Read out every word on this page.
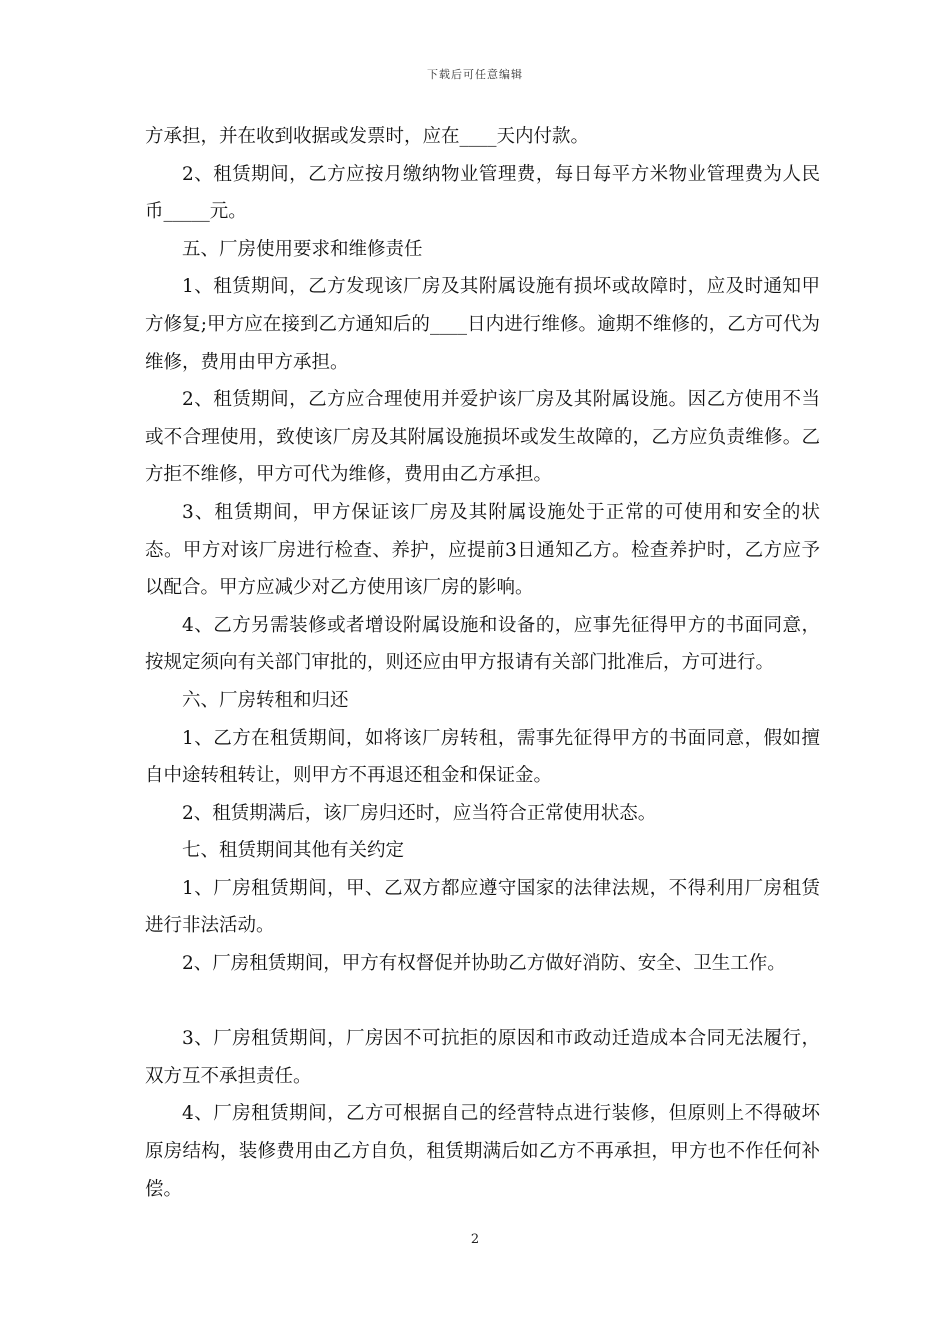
下载后可任意编辑

方承担，并在收到收据或发票时，应在____天内付款。

2、租赁期间，乙方应按月缴纳物业管理费，每日每平方米物业管理费为人民币_____元。

五、厂房使用要求和维修责任

1、租赁期间，乙方发现该厂房及其附属设施有损坏或故障时，应及时通知甲方修复;甲方应在接到乙方通知后的____日内进行维修。逾期不维修的，乙方可代为维修，费用由甲方承担。

2、租赁期间，乙方应合理使用并爱护该厂房及其附属设施。因乙方使用不当或不合理使用，致使该厂房及其附属设施损坏或发生故障的，乙方应负责维修。乙方拒不维修，甲方可代为维修，费用由乙方承担。

3、租赁期间，甲方保证该厂房及其附属设施处于正常的可使用和安全的状态。甲方对该厂房进行检查、养护，应提前3日通知乙方。检查养护时，乙方应予以配合。甲方应减少对乙方使用该厂房的影响。

4、乙方另需装修或者增设附属设施和设备的，应事先征得甲方的书面同意，按规定须向有关部门审批的，则还应由甲方报请有关部门批准后，方可进行。

六、厂房转租和归还

1、乙方在租赁期间，如将该厂房转租，需事先征得甲方的书面同意，假如擅自中途转租转让，则甲方不再退还租金和保证金。

2、租赁期满后，该厂房归还时，应当符合正常使用状态。

七、租赁期间其他有关约定

1、厂房租赁期间，甲、乙双方都应遵守国家的法律法规，不得利用厂房租赁进行非法活动。

2、厂房租赁期间，甲方有权督促并协助乙方做好消防、安全、卫生工作。

3、厂房租赁期间，厂房因不可抗拒的原因和市政动迁造成本合同无法履行，双方互不承担责任。

4、厂房租赁期间，乙方可根据自己的经营特点进行装修，但原则上不得破坏原房结构，装修费用由乙方自负，租赁期满后如乙方不再承担，甲方也不作任何补偿。

2
